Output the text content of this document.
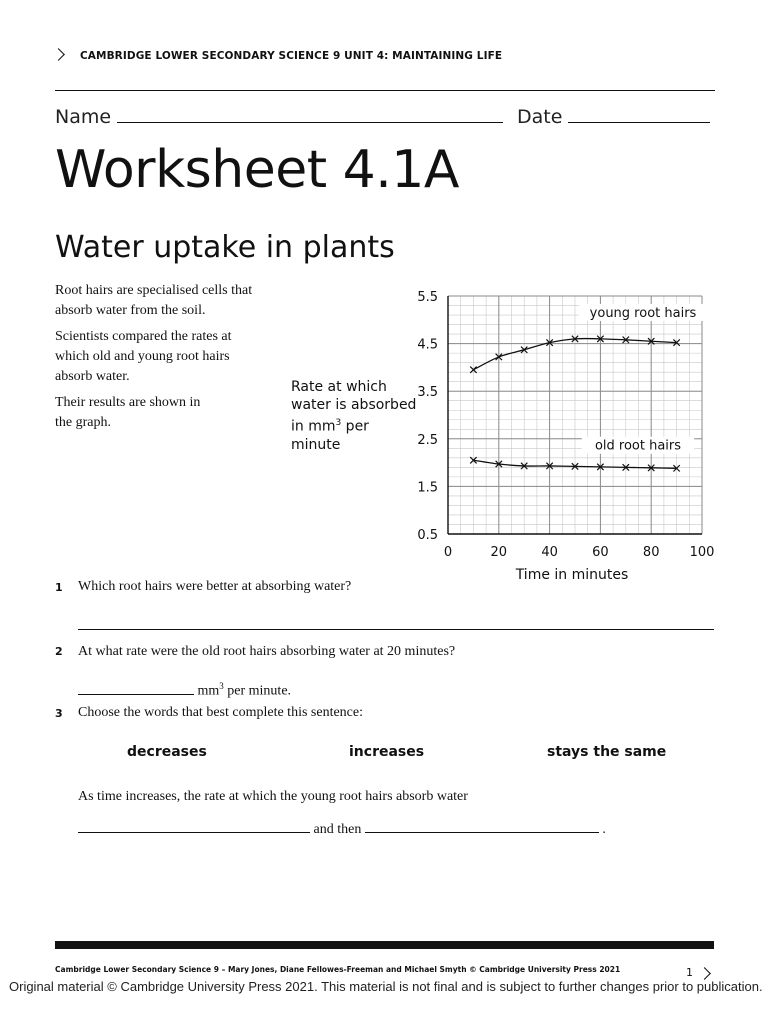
CAMBRIDGE LOWER SECONDARY SCIENCE 9 UNIT 4: MAINTAINING LIFE
Name	Date
Worksheet 4.1A
Water uptake in plants
Root hairs are specialised cells that
absorb water from the soil.
Scientists compared the rates at
which old and young root hairs
absorb water.
Their results are shown in
the graph.
Rate at which
water is absorbed
in $mm^3$ per
minute
0	20	40	60	80 100
5.5
4.5
3.5
2.5
1.5
0.5
young root hairs
old root hairs
Time in minutes
1 Which root hairs were better at absorbing water?
2 At what rate were the old root hairs absorbing water at 20 minutes?
$mm^3$ per minute.
3 Choose the words that best complete this sentence:
decreases	increases	stays the same
As time increases, the rate at which the young root hairs absorb water
and then	.
Cambridge Lower Secondary Science 9 – Mary Jones, Diane Fellowes-Freeman and Michael Smyth © Cambridge University Press 2021	1
Original material © Cambridge University Press 2021. This material is not final and is subject to further changes prior to publication.
